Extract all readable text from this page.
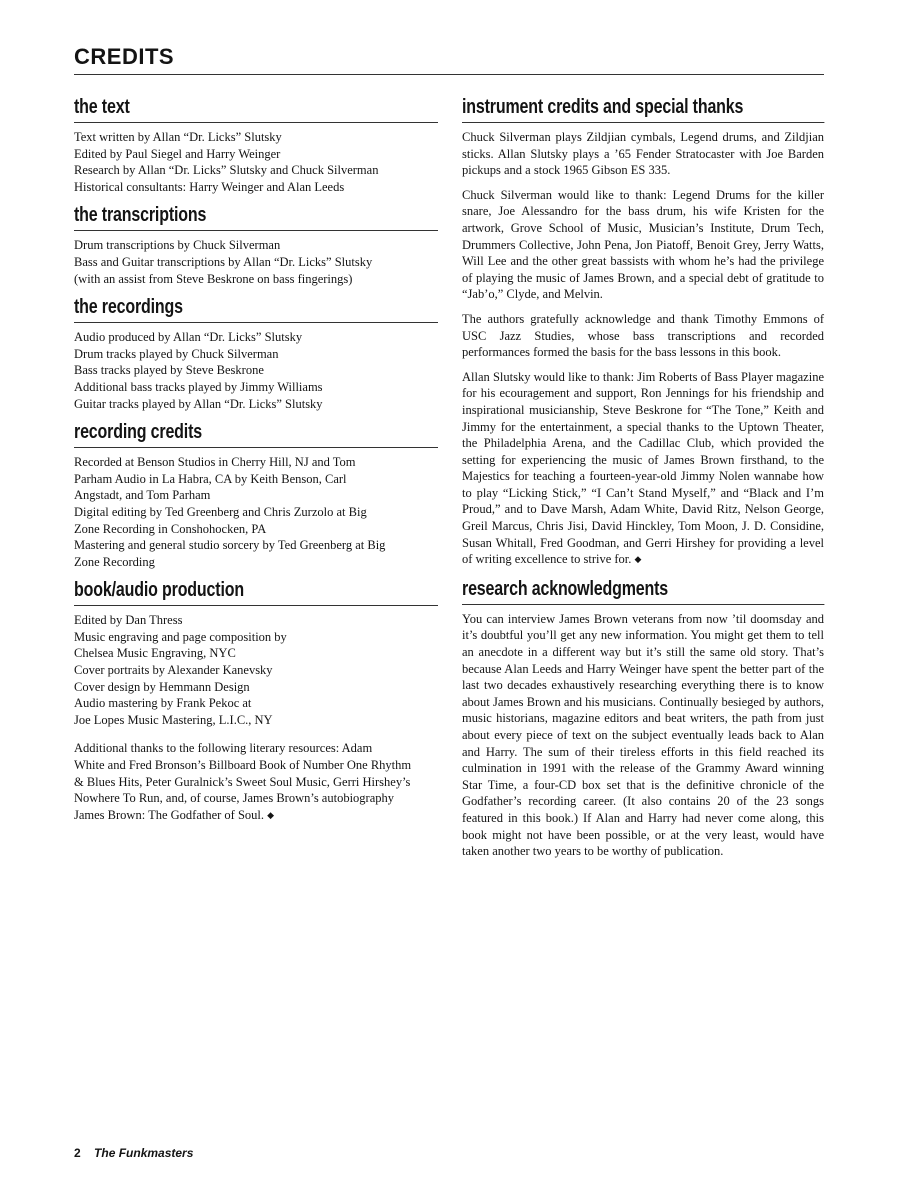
CREDITS
the text

Text written by Allan “Dr. Licks” Slutsky

Edited by Paul Siegel and Harry Weinger

Research by Allan “Dr. Licks” Slutsky and Chuck Silverman

Historical consultants: Harry Weinger and Alan Leeds

the transcriptions

Drum transcriptions by Chuck Silverman

Bass and Guitar transcriptions by Allan “Dr. Licks” Slutsky

(with an assist from Steve Beskrone on bass fingerings)

the recordings

Audio produced by Allan “Dr. Licks” Slutsky

Drum tracks played by Chuck Silverman

Bass tracks played by Steve Beskrone

Additional bass tracks played by Jimmy Williams

Guitar tracks played by Allan “Dr. Licks” Slutsky

recording credits

Recorded at Benson Studios in Cherry Hill, NJ and Tom

Parham Audio in La Habra, CA by Keith Benson, Carl

Angstadt, and Tom Parham

Digital editing by Ted Greenberg and Chris Zurzolo at Big

Zone Recording in Conshohocken, PA

Mastering and general studio sorcery by Ted Greenberg at Big

Zone Recording

book/audio production

Edited by Dan Thress

Music engraving and page composition by

Chelsea Music Engraving, NYC

Cover portraits by Alexander Kanevsky

Cover design by Hemmann Design

Audio mastering by Frank Pekoc at

Joe Lopes Music Mastering, L.I.C., NY

Additional thanks to the following literary resources: Adam

White and Fred Bronson’s Billboard Book of Number One Rhythm

& Blues Hits, Peter Guralnick’s Sweet Soul Music, Gerri Hirshey’s

Nowhere To Run, and, of course, James Brown’s autobiography

James Brown: The Godfather of Soul. ◆

instrument credits and special thanks

Chuck Silverman plays Zildjian cymbals, Legend drums, and Zildjian sticks. Allan Slutsky plays a ’65 Fender Stratocaster with Joe Barden pickups and a stock 1965 Gibson ES 335.

Chuck Silverman would like to thank: Legend Drums for the killer snare, Joe Alessandro for the bass drum, his wife Kristen for the artwork, Grove School of Music, Musician’s Institute, Drum Tech, Drummers Collective, John Pena, Jon Piatoff, Benoit Grey, Jerry Watts, Will Lee and the other great bassists with whom he’s had the privilege of playing the music of James Brown, and a special debt of gratitude to “Jab’o,” Clyde, and Melvin.

The authors gratefully acknowledge and thank Timothy Emmons of USC Jazz Studies, whose bass transcriptions and recorded performances formed the basis for the bass lessons in this book.

Allan Slutsky would like to thank: Jim Roberts of Bass Player magazine for his ecouragement and support, Ron Jennings for his friendship and inspirational musicianship, Steve Beskrone for “The Tone,” Keith and Jimmy for the entertainment, a special thanks to the Uptown Theater, the Philadelphia Arena, and the Cadillac Club, which provided the setting for experiencing the music of James Brown firsthand, to the Majestics for teaching a fourteen-year-old Jimmy Nolen wannabe how to play “Licking Stick,” “I Can’t Stand Myself,” and “Black and I’m Proud,” and to Dave Marsh, Adam White, David Ritz, Nelson George, Greil Marcus, Chris Jisi, David Hinckley, Tom Moon, J. D. Considine, Susan Whitall, Fred Goodman, and Gerri Hirshey for providing a level of writing excellence to strive for. ◆

research acknowledgments

You can interview James Brown veterans from now ’til doomsday and it’s doubtful you’ll get any new information. You might get them to tell an anecdote in a different way but it’s still the same old story. That’s because Alan Leeds and Harry Weinger have spent the better part of the last two decades exhaustively researching everything there is to know about James Brown and his musicians. Continually besieged by authors, music historians, magazine editors and beat writers, the path from just about every piece of text on the subject eventually leads back to Alan and Harry. The sum of their tireless efforts in this field reached its culmination in 1991 with the release of the Grammy Award winning Star Time, a four-CD box set that is the definitive chronicle of the Godfather’s recording career. (It also contains 20 of the 23 songs featured in this book.) If Alan and Harry had never come along, this book might not have been possible, or at the very least, would have taken another two years to be worthy of publication.

2 The Funkmasters
